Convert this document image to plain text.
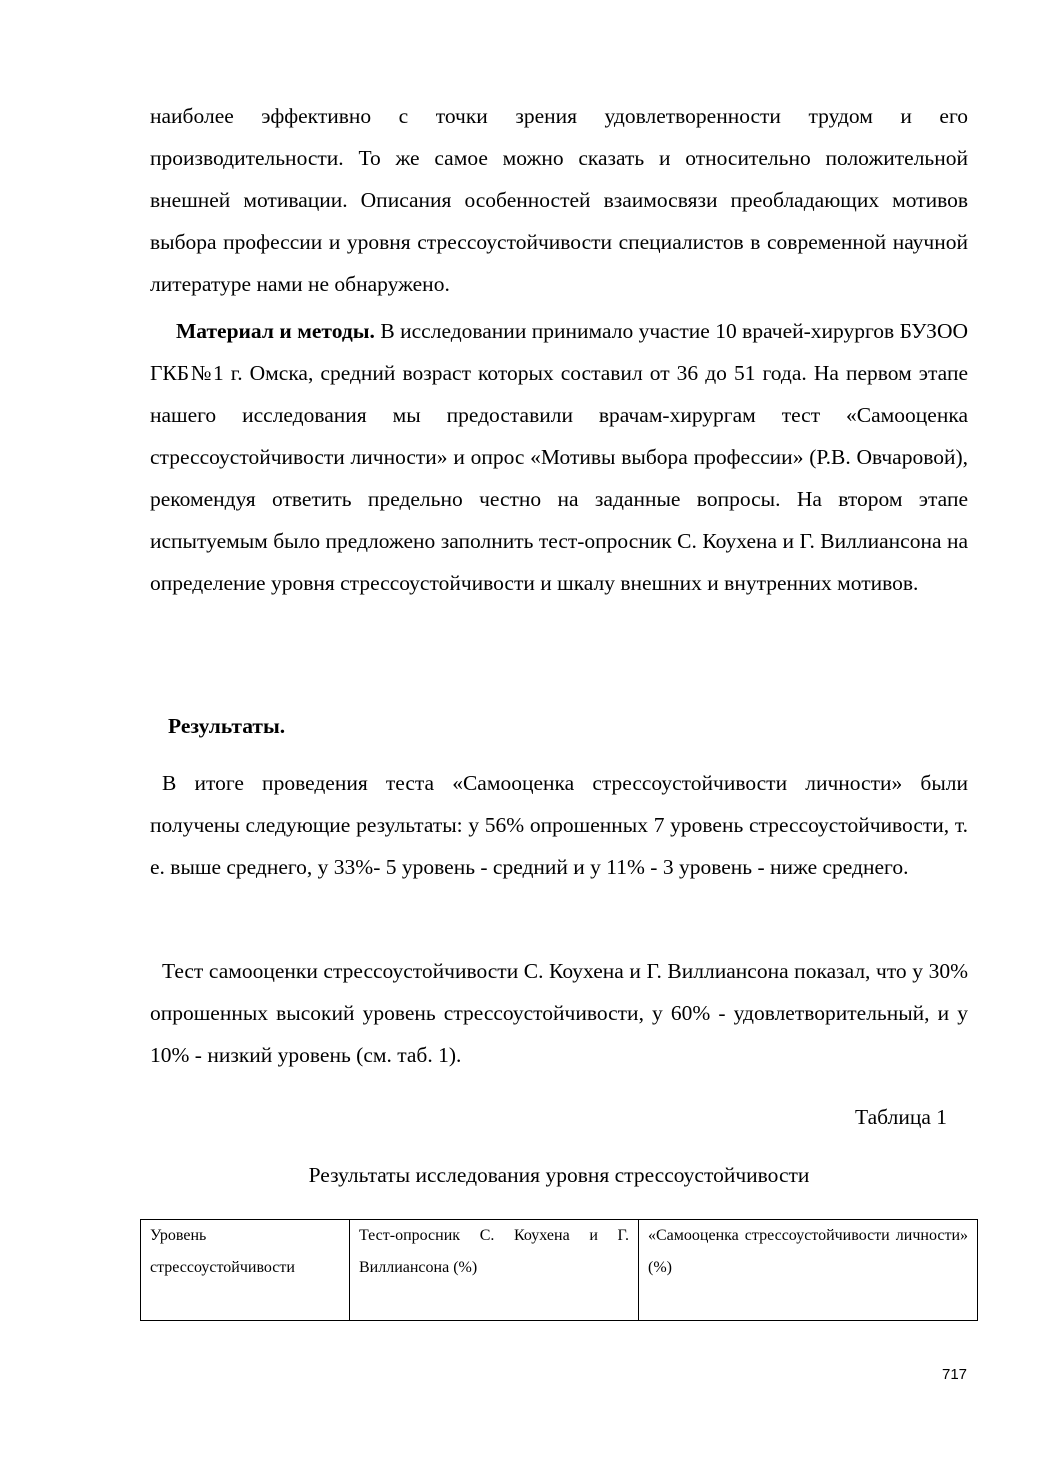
наиболее эффективно с точки зрения удовлетворенности трудом и его производительности. То же самое можно сказать и относительно положительной внешней мотивации. Описания особенностей взаимосвязи преобладающих мотивов выбора профессии и уровня стрессоустойчивости специалистов в современной научной литературе нами не обнаружено.

Материал и методы. В исследовании принимало участие 10 врачей-хирургов БУЗОО ГКБ№1 г. Омска, средний возраст которых составил от 36 до 51 года. На первом этапе нашего исследования мы предоставили врачам-хирургам тест «Самооценка стрессоустойчивости личности» и опрос «Мотивы выбора профессии» (Р.В. Овчаровой), рекомендуя ответить предельно честно на заданные вопросы. На втором этапе испытуемым было предложено заполнить тест-опросник С. Коухена и Г. Виллиансона на определение уровня стрессоустойчивости и шкалу внешних и внутренних мотивов.

Результаты.

В итоге проведения теста «Самооценка стрессоустойчивости личности» были получены следующие результаты: у 56% опрошенных 7 уровень стрессоустойчивости, т. е. выше среднего, у 33%- 5 уровень - средний и у 11% - 3 уровень - ниже среднего.

Тест самооценки стрессоустойчивости С. Коухена и Г. Виллиансона показал, что у 30% опрошенных высокий уровень стрессоустойчивости, у 60% - удовлетворительный, и у 10% - низкий уровень (см. таб. 1).

Таблица 1
Результаты исследования уровня стрессоустойчивости
Уровень стрессоустойчивости	Тест-опросник С. Коухена и Г. Виллиансона (%)	«Самооценка стрессоустойчивости личности» (%)
717
